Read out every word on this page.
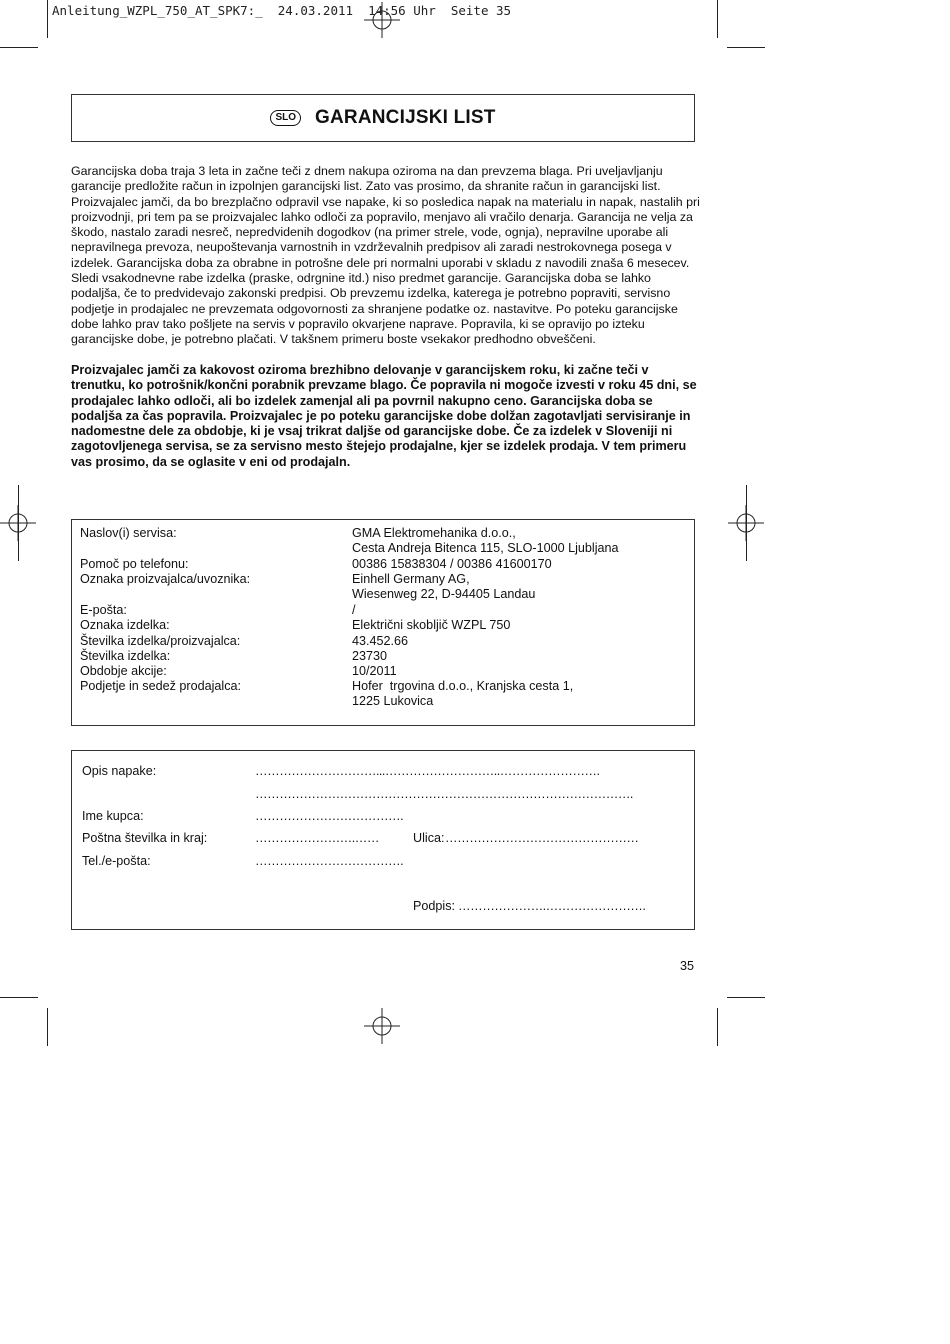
Anleitung_WZPL_750_AT_SPK7:_  24.03.2011  14:56 Uhr  Seite 35
SLO GARANCIJSKI LIST

Garancijska doba traja 3 leta in začne teči z dnem nakupa oziroma na dan prevzema blaga. Pri uveljavljanju garancije predložite račun in izpolnjen garancijski list. Zato vas prosimo, da shranite račun in garancijski list. Proizvajalec jamči, da bo brezplačno odpravil vse napake, ki so posledica napak na materialu in napak, nastalih pri proizvodnji, pri tem pa se proizvajalec lahko odloči za popravilo, menjavo ali vračilo denarja. Garancija ne velja za škodo, nastalo zaradi nesreč, nepredvidenih dogodkov (na primer strele, vode, ognja), nepravilne uporabe ali nepravilnega prevoza, neupoštevanja varnostnih in vzdrževalnih predpisov ali zaradi nestrokovnega posega v izdelek. Garancijska doba za obrabne in potrošne dele pri normalni uporabi v skladu z navodili znaša 6 mesecev. Sledi vsakodnevne rabe izdelka (praske, odrgnine itd.) niso predmet garancije. Garancijska doba se lahko podaljša, če to predvidevajo zakonski predpisi. Ob prevzemu izdelka, katerega je potrebno popraviti, servisno podjetje in prodajalec ne prevzemata odgovornosti za shranjene podatke oz. nastavitve. Po poteku garancijske dobe lahko prav tako pošljete na servis v popravilo okvarjene naprave. Popravila, ki se opravijo po izteku garancijske dobe, je potrebno plačati. V takšnem primeru boste vsekakor predhodno obveščeni.

Proizvajalec jamči za kakovost oziroma brezhibno delovanje v garancijskem roku, ki začne teči v trenutku, ko potrošnik/končni porabnik prevzame blago. Če popravila ni mogoče izvesti v roku 45 dni, se prodajalec lahko odloči, ali bo izdelek zamenjal ali pa povrnil nakupno ceno. Garancijska doba se podaljša za čas popravila. Proizvajalec je po poteku garancijske dobe dolžan zagotavljati servisiranje in nadomestne dele za obdobje, ki je vsaj trikrat daljše od garancijske dobe. Če za izdelek v Sloveniji ni zagotovljenega servisa, se za servisno mesto štejejo prodajalne, kjer se izdelek prodaja. V tem primeru vas prosimo, da se oglasite v eni od prodajaln.

Naslov(i) servisa:	GMA Elektromehanika d.o.o.,
Cesta Andreja Bitenca 115, SLO-1000 Ljubljana
Pomoč po telefonu:	00386 15838304 / 00386 41600170
Oznaka proizvajalca/uvoznika:	Einhell Germany AG,
Wiesenweg 22, D-94405 Landau
E-pošta:	/
Oznaka izdelka:	Električni skobljič WZPL 750
Številka izdelka/proizvajalca:	43.452.66
Številka izdelka:	23730
Obdobje akcije:	10/2011
Podjetje in sedež prodajalca:	Hofer  trgovina d.o.o., Kranjska cesta 1,
1225 Lukovica
Opis napake:	…………………………...………………………..…………………….
………………………………………………………………………………….
Ime kupca:	……………………………….
Poštna številka in kraj:	…………………….……	Ulica: …………………………………………
Tel./e-pošta:	……………………………….
Podpis: ………………….…………………….
35
